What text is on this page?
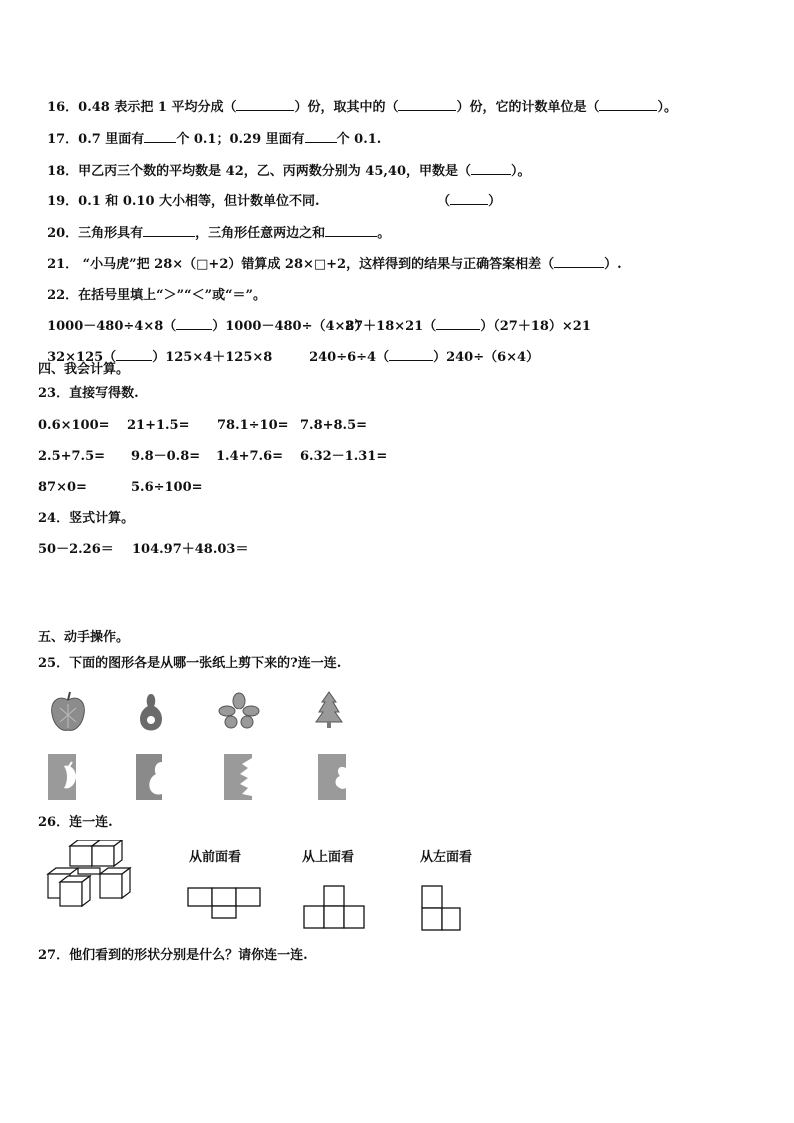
16．0.48 表示把 1 平均分成（	）份，取其中的（	）份，它的计数单位是（	）。

17．0.7 里面有 个 0.1；0.29 里面有 个 0.1.

18．甲乙丙三个数的平均数是 42，乙、丙两数分别为 45,40，甲数是（	）。

19．0.1 和 0.10 大小相等，但计数单位不同.	（	）

20．三角形具有	，三角形任意两边之和	。

21． “小马虎”把 28×（□+2）错算成 28×□+2，这样得到的结果与正确答案相差（	）.

22．在括号里填上“＞”“＜”或“＝”。

1000－480÷4×8（	）1000－480÷（4×8）

27＋18×21（	）（27＋18）×21

32×125（	）125×4＋125×8	240÷6÷4（	）240÷（6×4）

四、我会计算。
23．直接写得数.
0.6×100= 21+1.5= 78.1÷10= 7.8+8.5=
2.5+7.5= 9.8－0.8= 1.4+7.6= 6.32－1.31=
87×0=	5.6÷100=
24．竖式计算。
50－2.26＝ 104.97＋48.03＝
五、动手操作。
25．下面的图形各是从哪一张纸上剪下来的?连一连.
26．连一连.
从前面看	从上面看	从左面看
27．他们看到的形状分别是什么？请你连一连.
